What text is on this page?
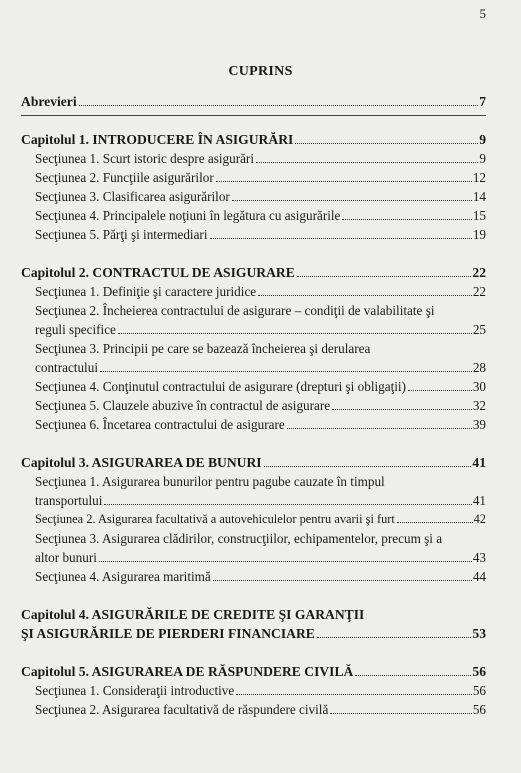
5
CUPRINS
Abrevieri	7
Capitolul 1. INTRODUCERE ÎN ASIGURĂRI	9
Secţiunea 1. Scurt istoric despre asigurări	9
Secţiunea 2. Funcţiile asigurărilor	12
Secţiunea 3. Clasificarea asigurărilor	14
Secţiunea 4. Principalele noţiuni în legătura cu asigurările	15
Secţiunea 5. Părţi şi intermediari	19
Capitolul 2. CONTRACTUL DE ASIGURARE	22
Secţiunea 1. Definiţie şi caractere juridice	22
Secţiunea 2. Încheierea contractului de asigurare – condiţii de valabilitate şi
reguli specifice	25
Secţiunea 3. Principii pe care se bazează încheierea şi derularea
contractului	28
Secţiunea 4. Conţinutul contractului de asigurare (drepturi şi obligaţii)	30
Secţiunea 5. Clauzele abuzive în contractul de asigurare	32
Secţiunea 6. Încetarea contractului de asigurare	39
Capitolul 3. ASIGURAREA DE BUNURI	41
Secţiunea 1. Asigurarea bunurilor pentru pagube cauzate în timpul
transportului	41
Secţiunea 2. Asigurarea facultativă a autovehiculelor pentru avarii şi furt	42
Secţiunea 3. Asigurarea clădirilor, construcţiilor, echipamentelor, precum şi a
altor bunuri	43
Secţiunea 4. Asigurarea maritimă	44
Capitolul 4. ASIGURĂRILE DE CREDITE ŞI GARANŢII
ŞI ASIGURĂRILE DE PIERDERI FINANCIARE	53
Capitolul 5. ASIGURAREA DE RĂSPUNDERE CIVILĂ	56
Secţiunea 1. Consideraţii introductive	56
Secţiunea 2. Asigurarea facultativă de răspundere civilă	56
